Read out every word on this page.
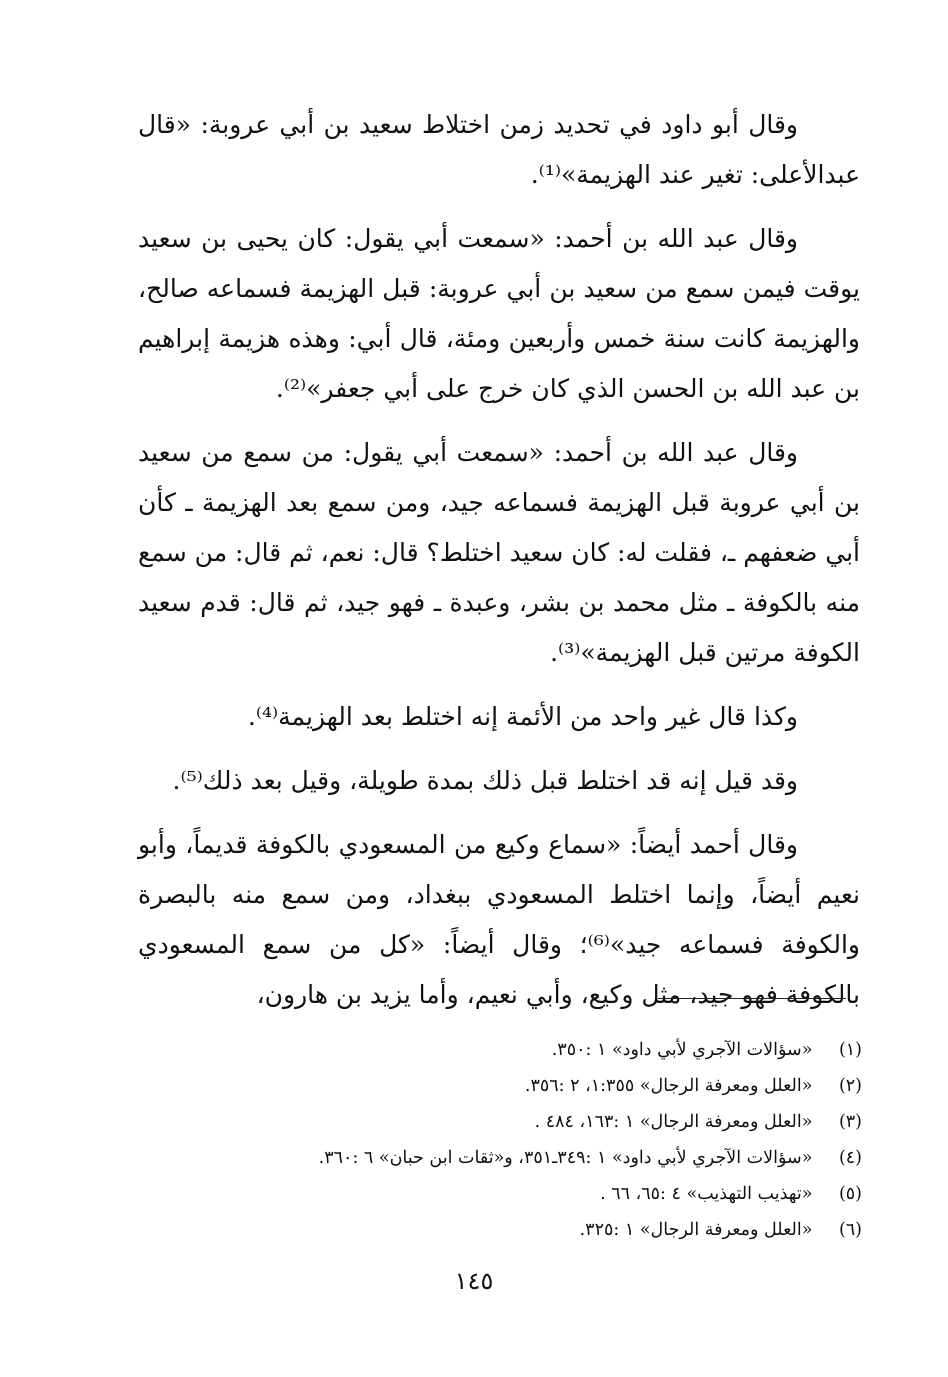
وقال أبو داود في تحديد زمن اختلاط سعيد بن أبي عروبة: «قال عبدالأعلى: تغير عند الهزيمة»⁽¹⁾.

وقال عبد الله بن أحمد: «سمعت أبي يقول: كان يحيى بن سعيد يوقت فيمن سمع من سعيد بن أبي عروبة: قبل الهزيمة فسماعه صالح، والهزيمة كانت سنة خمس وأربعين ومئة، قال أبي: وهذه هزيمة إبراهيم بن عبد الله بن الحسن الذي كان خرج على أبي جعفر»⁽²⁾.

وقال عبد الله بن أحمد: «سمعت أبي يقول: من سمع من سعيد بن أبي عروبة قبل الهزيمة فسماعه جيد، ومن سمع بعد الهزيمة ـ كأن أبي ضعفهم ـ، فقلت له: كان سعيد اختلط؟ قال: نعم، ثم قال: من سمع منه بالكوفة ـ مثل محمد بن بشر، وعبدة ـ فهو جيد، ثم قال: قدم سعيد الكوفة مرتين قبل الهزيمة»⁽³⁾.

وكذا قال غير واحد من الأئمة إنه اختلط بعد الهزيمة⁽⁴⁾.

وقد قيل إنه قد اختلط قبل ذلك بمدة طويلة، وقيل بعد ذلك⁽⁵⁾.

وقال أحمد أيضاً: «سماع وكيع من المسعودي بالكوفة قديماً، وأبو نعيم أيضاً، وإنما اختلط المسعودي ببغداد، ومن سمع منه بالبصرة والكوفة فسماعه جيد»⁽⁶⁾؛ وقال أيضاً: «كل من سمع المسعودي بالكوفة فهو جيد، مثل وكيع، وأبي نعيم، وأما يزيد بن هارون،

(١) «سؤالات الآجري لأبي داود» ١ :٣٥٠.
(٢) «العلل ومعرفة الرجال» ١:٣٥٥، ٢ :٣٥٦.
(٣) «العلل ومعرفة الرجال» ١ :١٦٣، ٤٨٤ .
(٤) «سؤالات الآجري لأبي داود» ١ :٣٤٩ـ٣٥١، و«ثقات ابن حبان» ٦ :٣٦٠.
(٥) «تهذيب التهذيب» ٤ :٦٥، ٦٦ .
(٦) «العلل ومعرفة الرجال» ١ :٣٢٥.
١٤٥
